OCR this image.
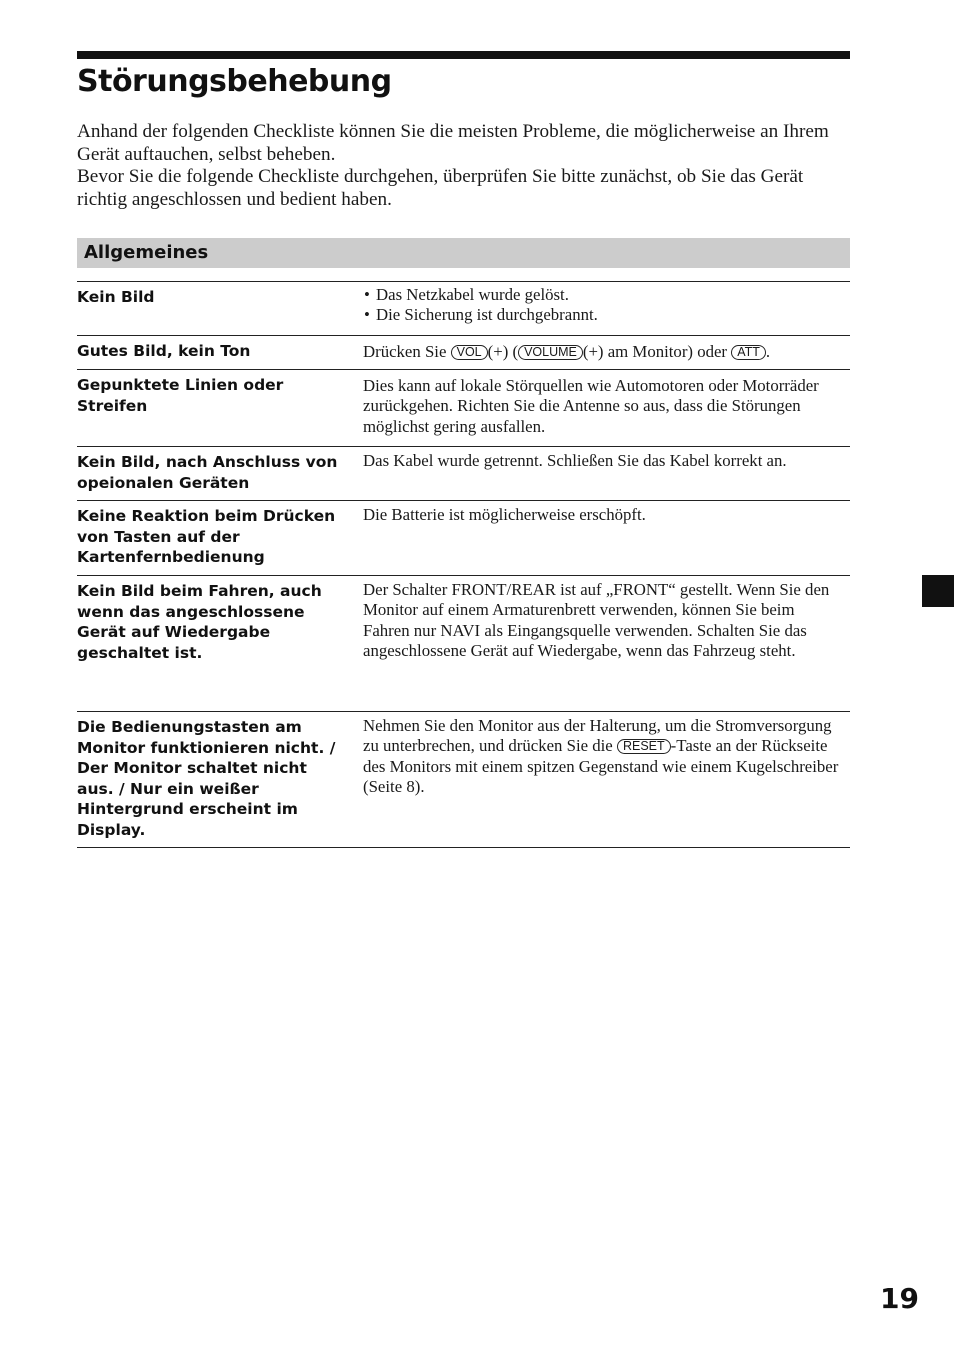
Störungsbehebung

Anhand der folgenden Checkliste können Sie die meisten Probleme, die möglicherweise an Ihrem Gerät auftauchen, selbst beheben.

Bevor Sie die folgende Checkliste durchgehen, überprüfen Sie bitte zunächst, ob Sie das Gerät richtig angeschlossen und bedient haben.

Allgemeines
Kein Bild
•	Das Netzkabel wurde gelöst.
• Die Sicherung ist durchgebrannt.
Gutes Bild, kein Ton	Drücken Sie VOL (+) ( VOLUME (+) am Monitor) oder ATT .
Gepunktete Linien oder Streifen
Dies kann auf lokale Störquellen wie Automotoren oder Motorräder zurückgehen. Richten Sie die Antenne so aus, dass die Störungen möglichst gering ausfallen.
Kein Bild, nach Anschluss von opeionalen Geräten
Das Kabel wurde getrennt. Schließen Sie das Kabel korrekt an.
Keine Reaktion beim Drücken von Tasten auf der Kartenfernbedienung
Die Batterie ist möglicherweise erschöpft.
Kein Bild beim Fahren, auch wenn das angeschlossene Gerät auf Wiedergabe geschaltet ist.
Der Schalter FRONT/REAR ist auf „FRONT“ gestellt. Wenn Sie den Monitor auf einem Armaturenbrett verwenden, können Sie beim Fahren nur NAVI als Eingangsquelle verwenden. Schalten Sie das angeschlossene Gerät auf Wiedergabe, wenn das Fahrzeug steht.
Die Bedienungstasten am Monitor funktionieren nicht. / Der Monitor schaltet nicht aus. / Nur ein weißer Hintergrund erscheint im Display.
Nehmen Sie den Monitor aus der Halterung, um die Stromversorgung zu unterbrechen, und drücken Sie die RESET -Taste an der Rückseite des Monitors mit einem spitzen Gegenstand wie einem Kugelschreiber (Seite 8).
19
